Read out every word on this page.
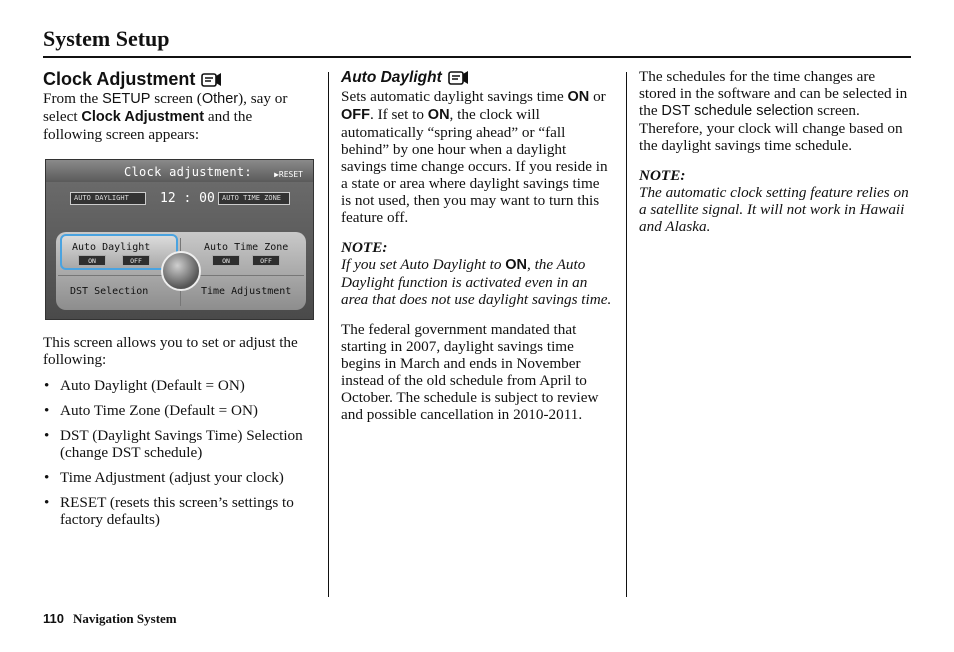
System Setup
Clock Adjustment

From the SETUP screen (Other), say or select Clock Adjustment and the following screen appears:

Clock adjustment:	▶RESET
AUTO DAYLIGHT	12 : 00	AUTO TIME ZONE
Auto Daylight	Auto Time Zone
ON	OFF	ON	OFF
DST Selection	Time Adjustment

This screen allows you to set or adjust the following:

• Auto Daylight (Default = ON)
• Auto Time Zone (Default = ON)
• DST (Daylight Savings Time) Selection (change DST schedule)
• Time Adjustment (adjust your clock)
• RESET (resets this screen’s settings to factory defaults)
Auto Daylight

Sets automatic daylight savings time ON or OFF. If set to ON, the clock will automatically “spring ahead” or “fall behind” by one hour when a daylight savings time change occurs. If you reside in a state or area where daylight savings time is not used, then you may want to turn this feature off.

NOTE:

If you set Auto Daylight to ON, the Auto Daylight function is activated even in an area that does not use daylight savings time.

The federal government mandated that starting in 2007, daylight savings time begins in March and ends in November instead of the old schedule from April to October. The schedule is subject to review and possible cancellation in 2010-2011.

The schedules for the time changes are stored in the software and can be selected in the DST schedule selection screen. Therefore, your clock will change based on the daylight savings time schedule.

NOTE:

The automatic clock setting feature relies on a satellite signal. It will not work in Hawaii and Alaska.

110 Navigation System
